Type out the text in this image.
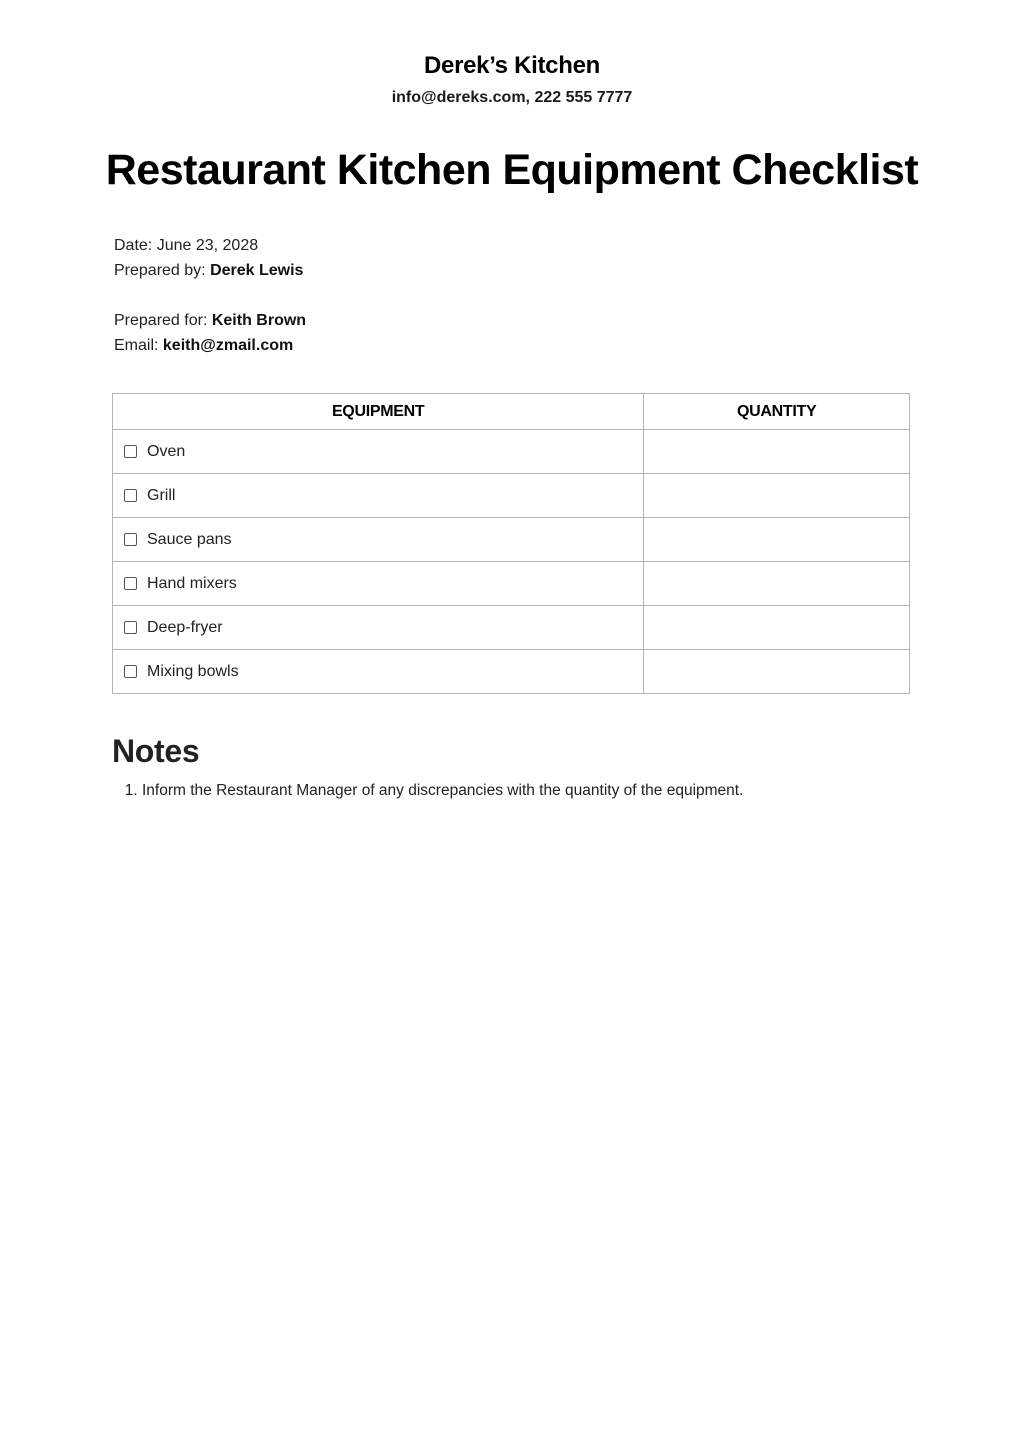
Derek’s Kitchen
info@dereks.com, 222 555 7777
Restaurant Kitchen Equipment Checklist
Date: June 23, 2028
Prepared by: Derek Lewis
Prepared for: Keith Brown
Email: keith@zmail.com
EQUIPMENT	QUANTITY

Oven	

Grill	

Sauce pans	

Hand mixers	

Deep-fryer	

Mixing bowls	

Notes
1. Inform the Restaurant Manager of any discrepancies with the quantity of the equipment.
